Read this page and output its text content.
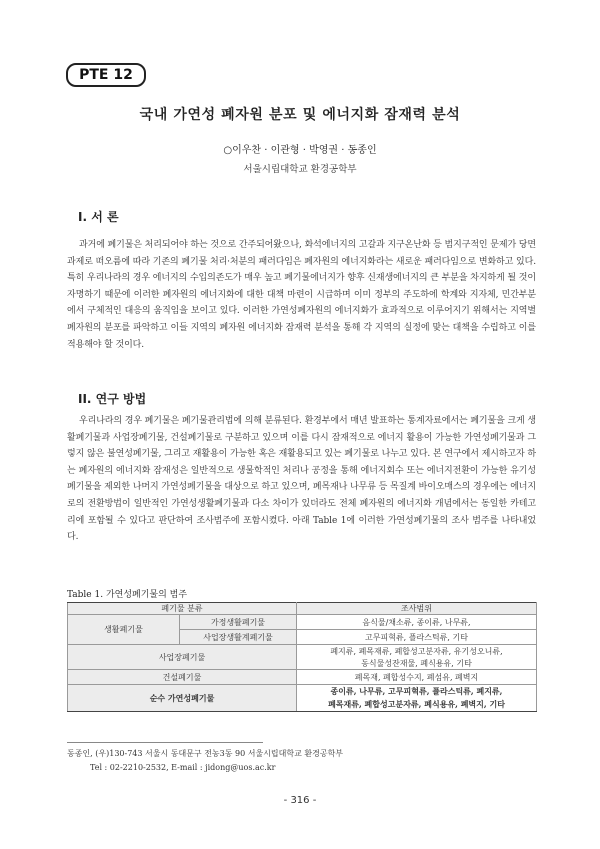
PTE 12
국내 가연성 폐자원 분포 및 에너지화 잠재력 분석
○이우찬 · 이관형 · 박영권 · 동종인
서울시립대학교 환경공학부
I. 서 론

과거에 폐기물은 처리되어야 하는 것으로 간주되어왔으나, 화석에너지의 고갈과 지구온난화 등 범지구적인 문제가 당면과제로 떠오름에 따라 기존의 폐기물 처리·처분의 패러다임은 폐자원의 에너지화라는 새로운 패러다임으로 변화하고 있다. 특히 우리나라의 경우 에너지의 수입의존도가 매우 높고 폐기물에너지가 향후 신재생에너지의 큰 부분을 차지하게 될 것이 자명하기 때문에 이러한 폐자원의 에너지화에 대한 대책 마련이 시급하며 이미 정부의 주도하에 학계와 지자체, 민간부분에서 구체적인 대응의 움직임을 보이고 있다. 이러한 가연성폐자원의 에너지화가 효과적으로 이루어지기 위해서는 지역별 폐자원의 분포를 파악하고 이들 지역의 폐자원 에너지화 잠재력 분석을 통해 각 지역의 실정에 맞는 대책을 수립하고 이를 적용해야 할 것이다.

II. 연구 방법

우리나라의 경우 폐기물은 폐기물관리법에 의해 분류된다. 환경부에서 매년 발표하는 통계자료에서는 폐기물을 크게 생활폐기물과 사업장폐기물, 건설폐기물로 구분하고 있으며 이를 다시 잠재적으로 에너지 활용이 가능한 가연성폐기물과 그렇지 않은 불연성폐기물, 그리고 재활용이 가능한 혹은 재활용되고 있는 폐기물로 나누고 있다. 본 연구에서 제시하고자 하는 폐자원의 에너지화 잠재성은 일반적으로 생물학적인 처리나 공정을 통해 에너지회수 또는 에너지전환이 가능한 유기성폐기물을 제외한 나머지 가연성폐기물을 대상으로 하고 있으며, 폐목재나 나무류 등 목질계 바이오매스의 경우에는 에너지로의 전환방법이 일반적인 가연성생활폐기물과 다소 차이가 있더라도 전체 폐자원의 에너지화 개념에서는 동일한 카테고리에 포함될 수 있다고 판단하여 조사범주에 포함시켰다. 아래 Table 1에 이러한 가연성폐기물의 조사 범주를 나타내었다.

Table 1. 가연성폐기물의 범주
폐기물 분류		조사범위
생활폐기물	가정생활폐기물	음식물/채소류, 종이류, 나무류,
	사업장생활계폐기물	고무피혁류, 플라스틱류, 기타
사업장폐기물		폐지류, 폐목재류, 폐합성고분자류, 유기성오니류,
		동식물성잔재물, 폐식용유, 기타
건설폐기물		폐목재, 폐합성수지, 폐섬유, 폐벽지
순수 가연성폐기물		종이류, 나무류, 고무피혁류, 플라스틱류, 폐지류,
		폐목재류, 폐합성고분자류, 폐식용유, 폐벽지, 기타
동종인, (우)130-743 서울시 동대문구 전농3동 90 서울시립대학교 환경공학부
Tel : 02-2210-2532, E-mail : jidong@uos.ac.kr
- 316 -
